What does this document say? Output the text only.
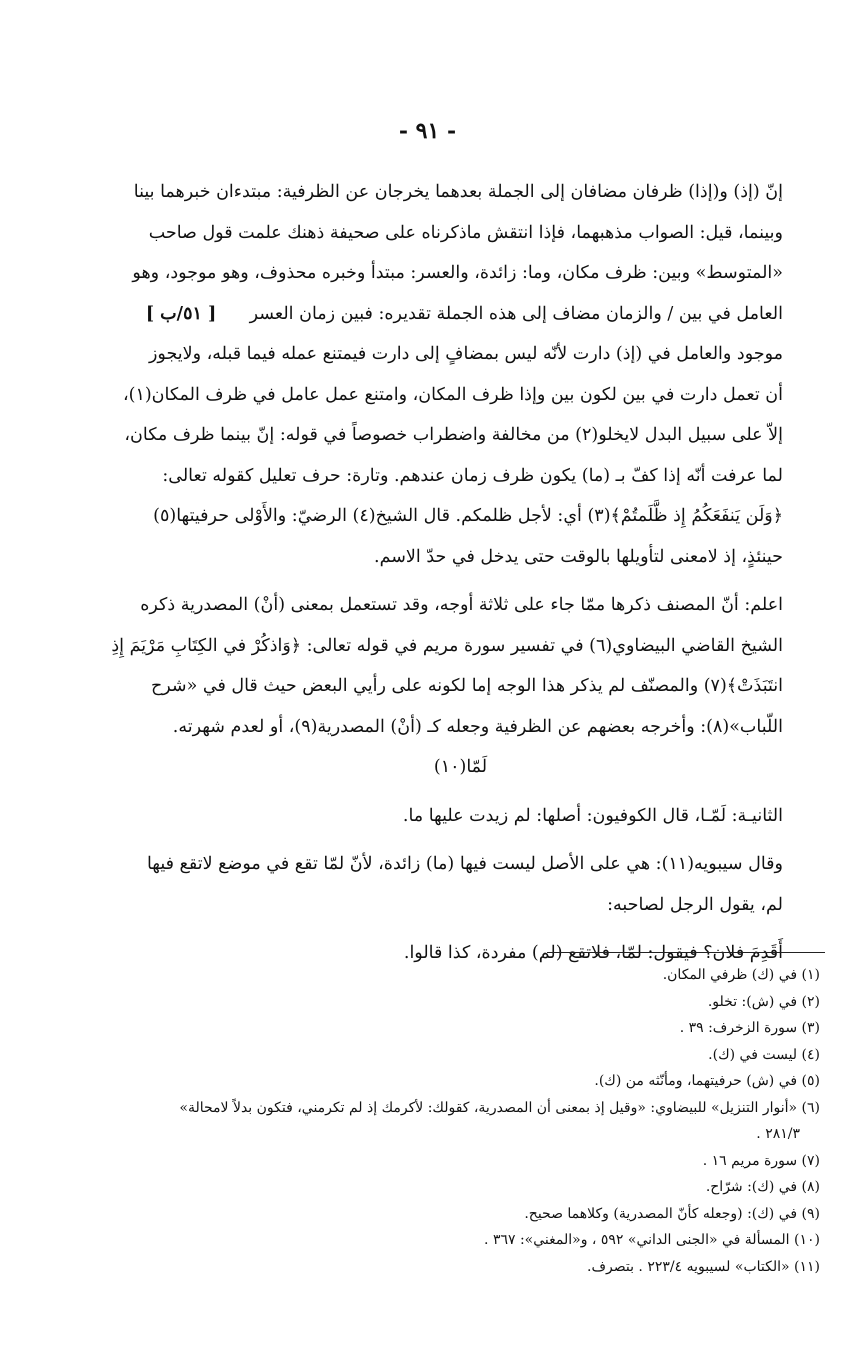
- ٩١ -

إنّ (إذ) و(إذا) ظرفان مضافان إلى الجملة بعدهما يخرجان عن الظرفية: مبتدءان خبرهما بينا

وبينما، قيل: الصواب مذهبهما، فإذا انتقش ماذكرناه على صحيفة ذهنك علمت قول صاحب

«المتوسط» وبين: ظرف مكان، وما: زائدة، والعسر: مبتدأ وخبره محذوف، وهو موجود، وهو

العامل في بين / والزمان مضاف إلى هذه الجملة تقديره: فبين زمان العسر      [ ٥١/ب ]

موجود والعامل في (إذ) دارت لأنّه ليس بمضافٍ إلى دارت فيمتنع عمله فيما قبله، ولايجوز

أن تعمل دارت في بين لكون بين وإذا ظرف المكان، وامتنع عمل عامل في ظرف المكان(١)،

إلاّ على سبيل البدل لايخلو(٢) من مخالفة واضطراب خصوصاً في قوله: إنّ بينما ظرف مكان،

لما عرفت أنّه إذا كفّ بـ (ما) يكون ظرف زمان عندهم. وتارة: حرف تعليل كقوله تعالى:

﴿وَلَن يَنفَعَكُمُ إِذ ظَّلَمتُمْ﴾(٣) أي: لأجل ظلمكم. قال الشيخ(٤) الرضيّ: والأَوْلى حرفيتها(٥)

حينئذٍ، إذ لامعنى لتأويلها بالوقت حتى يدخل في حدّ الاسم.

اعلم: أنّ المصنف ذكرها ممّا جاء على ثلاثة أوجه، وقد تستعمل بمعنى (أنْ) المصدرية ذكره

الشيخ القاضي البيضاوي(٦) في تفسير سورة مريم في قوله تعالى: ﴿وَاذكُرْ في الكِتَابِ مَرْيَمَ إِذِ

انتَبَذَتْ﴾(٧) والمصنّف لم يذكر هذا الوجه إما لكونه على رأيي البعض حيث قال في «شرح

اللّباب»(٨): وأخرجه بعضهم عن الظرفية وجعله كـ (أنْ) المصدرية(٩)، أو لعدم شهرته.

لَمّا(١٠)

الثانيـة: لَمّـا، قال الكوفيون: أصلها: لم زيدت عليها ما.

وقال سيبويه(١١): هي على الأصل ليست فيها (ما) زائدة، لأنّ لمّا تقع في موضع لاتقع فيها

لم، يقول الرجل لصاحبه:

أَقَدِمَ فلان؟ فيقول: لمّا، فلاتقع (لم) مفردة، كذا قالوا.

(١) في (ك) ظرفي المكان.
(٢) في (ش): تخلو.
(٣) سورة الزخرف: ٣٩ .
(٤) ليست في (ك).
(٥) في (ش) حرفيتهما، ومأنّثه من (ك).
(٦) «أنوار التنزيل» للبيضاوي: «وقيل إذ بمعنى أن المصدرية، كقولك: لأكرمك إذ لم تكرمني، فتكون بدلاً لامحالة»
٢٨١/٣ .
(٧) سورة مريم ١٦ .
(٨) في (ك): شرّاح.
(٩) في (ك): (وجعله كأنّ المصدرية) وكلاهما صحيح.
(١٠) المسألة في «الجنى الداني» ٥٩٢ ، و«المغني»: ٣٦٧ .
(١١) «الكتاب» لسيبويه ٢٢٣/٤ . بتصرف.
